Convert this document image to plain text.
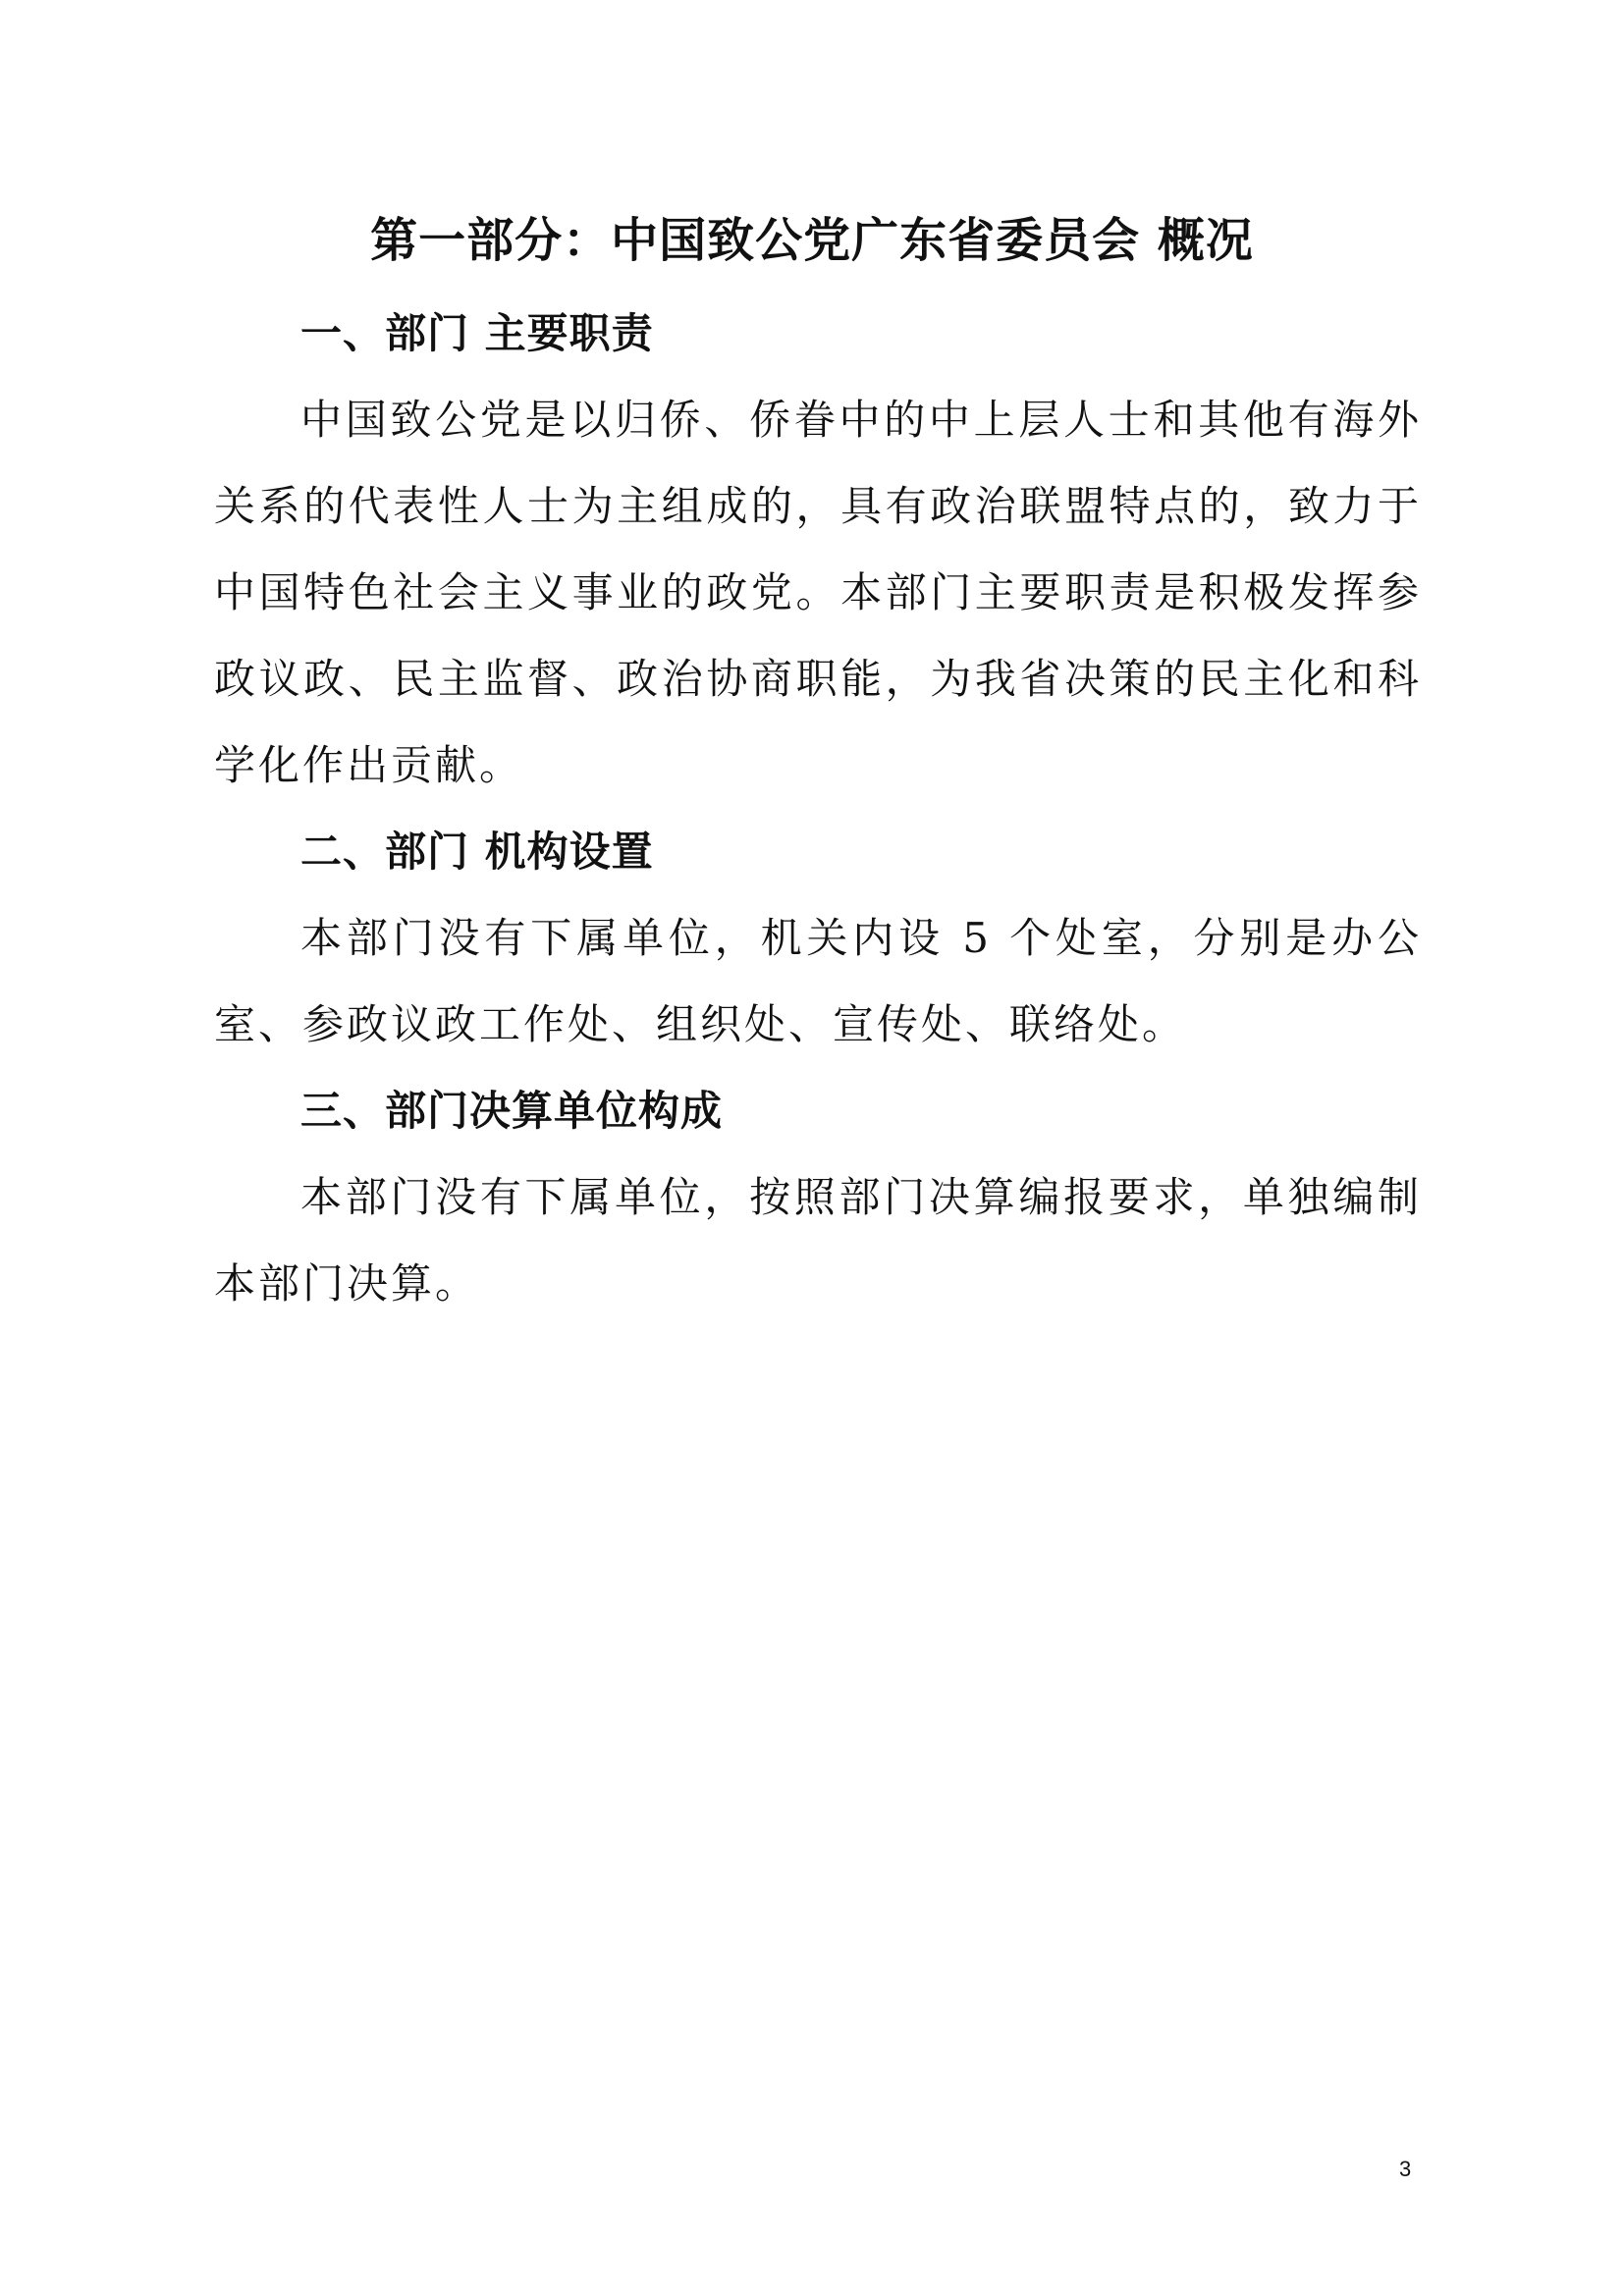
第一部分：中国致公党广东省委员会 概况
一、部门 主要职责

中国致公党是以归侨、侨眷中的中上层人士和其他有海外关系的代表性人士为主组成的，具有政治联盟特点的，致力于中国特色社会主义事业的政党。本部门主要职责是积极发挥参政议政、民主监督、政治协商职能，为我省决策的民主化和科学化作出贡献。

二、部门 机构设置

本部门没有下属单位，机关内设 5 个处室，分别是办公室、参政议政工作处、组织处、宣传处、联络处。

三、部门决算单位构成

本部门没有下属单位，按照部门决算编报要求，单独编制本部门决算。

3
